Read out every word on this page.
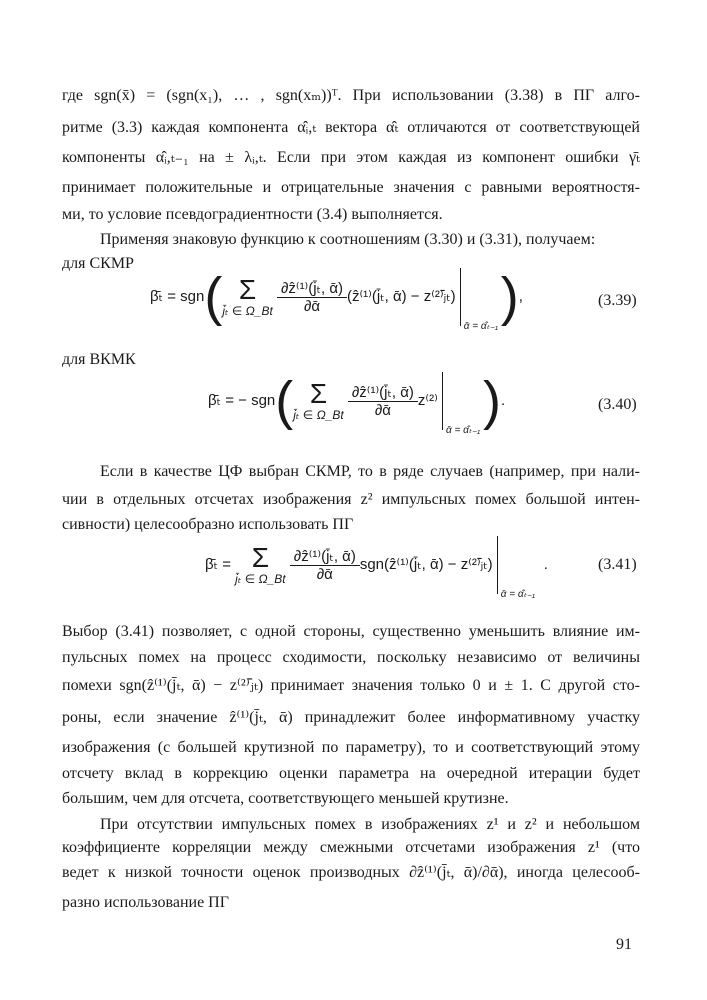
где sgn(x̄) = (sgn(x₁), … , sgn(xₘ))ᵀ. При использовании (3.38) в ПГ алго-
ритме (3.3) каждая компонента α̂ᵢ,ₜ вектора α̂ₜ отличаются от соответствующей
компоненты α̂ᵢ,ₜ₋₁ на ± λᵢ,ₜ. Если при этом каждая из компонент ошибки γ̄ₜ
принимает положительные и отрицательные значения с равными вероятностя-
ми, то условие псевдоградиентности (3.4) выполняется.
Применяя знаковую функцию к соотношениям (3.30) и (3.31), получаем:
для СКМР
β̄ₜ = sgn( Σ
j̄ₜ ∈ Ω_Bt $\frac{\text{∂ẑ⁽¹⁾(j̄ₜ, ᾱ)}}{\text{∂ᾱ}}$ (ẑ⁽¹⁾(j̄ₜ, ᾱ) − z⁽²⁾ⱼ̄ₜ)
ᾱ = α̂ₜ₋₁ ),	(3.39)
для ВКМК
β̄ₜ = − sgn( Σ
j̄ₜ ∈ Ω_Bt $\frac{\text{∂ẑ⁽¹⁾(j̄ₜ, ᾱ)}}{\text{∂ᾱ}} z^{(2)}$
ᾱ = α̂ₜ₋₁ ).	(3.40)
Если в качестве ЦФ выбран СКМР, то в ряде случаев (например, при нали-
чии в отдельных отсчетах изображения z² импульсных помех большой интен-
сивности) целесообразно использовать ПГ
β̄ₜ = Σ
j̄ₜ ∈ Ω_Bt $\frac{\text{∂ẑ⁽¹⁾(j̄ₜ, ᾱ)}}{\text{∂ᾱ}}$ sgn(ẑ⁽¹⁾(j̄ₜ, ᾱ) − z⁽²⁾ⱼ̄ₜ)
ᾱ = α̂ₜ₋₁
.	(3.41)
Выбор (3.41) позволяет, с одной стороны, существенно уменьшить влияние им-
пульсных помех на процесс сходимости, поскольку независимо от величины
помехи sgn(ẑ⁽¹⁾(j̄ₜ, ᾱ) − z⁽²⁾ⱼ̄ₜ) принимает значения только 0 и ± 1. С другой сто-
роны, если значение ẑ⁽¹⁾(j̄ₜ, ᾱ) принадлежит более информативному участку
изображения (с большей крутизной по параметру), то и соответствующий этому
отсчету вклад в коррекцию оценки параметра на очередной итерации будет
большим, чем для отсчета, соответствующего меньшей крутизне.
При отсутствии импульсных помех в изображениях z¹ и z² и небольшом
коэффициенте корреляции между смежными отсчетами изображения z¹ (что
ведет к низкой точности оценок производных ∂ẑ⁽¹⁾(j̄ₜ, ᾱ)/∂ᾱ), иногда целесооб-
разно использование ПГ
91
